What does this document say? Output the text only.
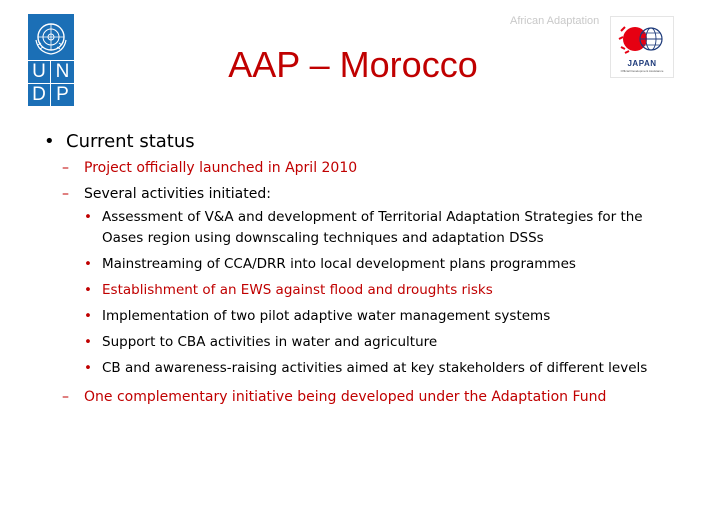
U N
D P
African Adaptation
JAPAN
Official Development Assistance
AAP – Morocco
• Current status
– Project officially launched in April 2010
– Several activities initiated:
• Assessment of V&A and development of Territorial Adaptation Strategies for the Oases region using downscaling techniques and adaptation DSSs
• Mainstreaming of CCA/DRR into local development plans programmes
• Establishment of an EWS against flood and droughts risks
• Implementation of two pilot adaptive water management systems
• Support to CBA activities in water and agriculture
• CB and awareness-raising activities aimed at key stakeholders of different levels
– One complementary initiative being developed under the Adaptation Fund
